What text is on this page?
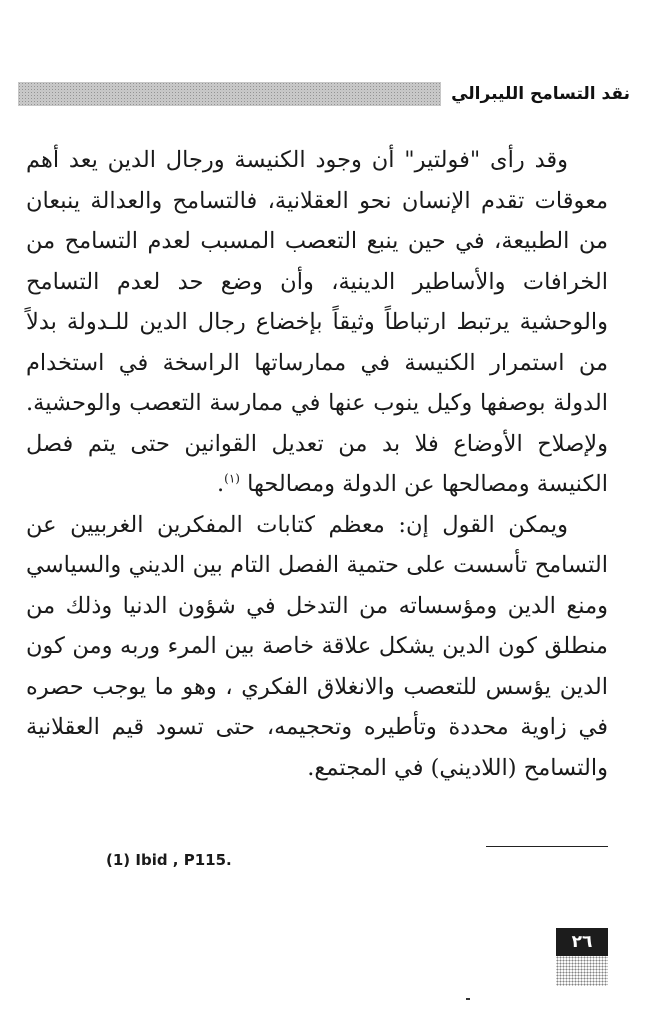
نقد التسامح الليبرالي

وقد رأى "فولتير" أن وجود الكنيسة ورجال الدين يعد أهم معوقات تقدم الإنسان نحو العقلانية، فالتسامح والعدالة ينبعان من الطبيعة، في حين ينبع التعصب المسبب لعدم التسامح من الخرافات والأساطير الدينية، وأن وضع حد لعدم التسامح والوحشية يرتبط ارتباطاً وثيقاً بإخضاع رجال الدين للـدولة بدلاً من استمرار الكنيسة في ممارساتها الراسخة في استخدام الدولة بوصفها وكيل ينوب عنها في ممارسة التعصب والوحشية. ولإصلاح الأوضاع فلا بد من تعديل القوانين حتى يتم فصل الكنيسة ومصالحها عن الدولة ومصالحها $^{(١)}$.

ويمكن القول إن: معظم كتابات المفكرين الغربيين عن التسامح تأسست على حتمية الفصل التام بين الديني والسياسي ومنع الدين ومؤسساته من التدخل في شؤون الدنيا وذلك من منطلق كون الدين يشكل علاقة خاصة بين المرء وربه ومن كون الدين يؤسس للتعصب والانغلاق الفكري ، وهو ما يوجب حصره في زاوية محددة وتأطيره وتحجيمه، حتى تسود قيم العقلانية والتسامح (اللاديني) في المجتمع.

(1) Ibid , P115.
٢٦
